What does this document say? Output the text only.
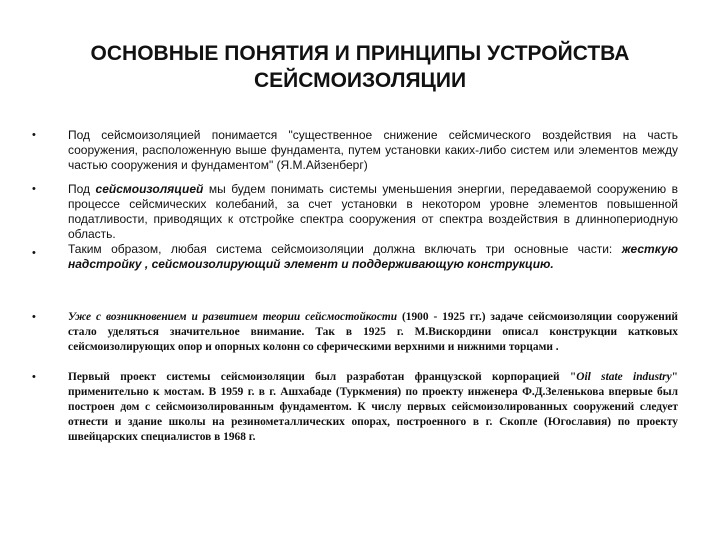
ОСНОВНЫЕ ПОНЯТИЯ И ПРИНЦИПЫ УСТРОЙСТВА
СЕЙСМОИЗОЛЯЦИИ
•	Под сейсмоизоляцией понимается "существенное снижение сейсмического воздействия на часть сооружения, расположенную выше фундамента, путем установки каких-либо систем или элементов между частью сооружения и фундаментом" (Я.М.Айзенберг)
•	Под сейсмоизоляцией мы будем понимать системы уменьшения энергии, передаваемой сооружению в процессе сейсмических колебаний, за счет установки в некотором уровне элементов повышенной податливости, приводящих к отстройке спектра сооружения от спектра воздействия в длиннопериодную область.
•	Таким образом, любая система сейсмоизоляции должна включать три основные части: жесткую надстройку , сейсмоизолирующий элемент и поддерживающую конструкцию.
•	Уже с возникновением и развитием теории сейсмостойкости (1900 - 1925 гг.) задаче сейсмоизоляции сооружений стало уделяться значительное внимание. Так в 1925 г. М.Вискордини описал конструкции катковых сейсмоизолирующих опор и опорных колонн со сферическими верхними и нижними торцами .
•	Первый проект системы сейсмоизоляции был разработан французской корпорацией "Oil state industry" применительно к мостам. В 1959 г. в г. Ашхабаде (Туркмения) по проекту инженера Ф.Д.Зеленькова впервые был построен дом с сейсмоизолированным фундаментом. К числу первых сейсмоизолированных сооружений следует отнести и здание школы на резинометаллических опорах, построенного в г. Скопле (Югославия) по проекту швейцарских специалистов в 1968 г.
